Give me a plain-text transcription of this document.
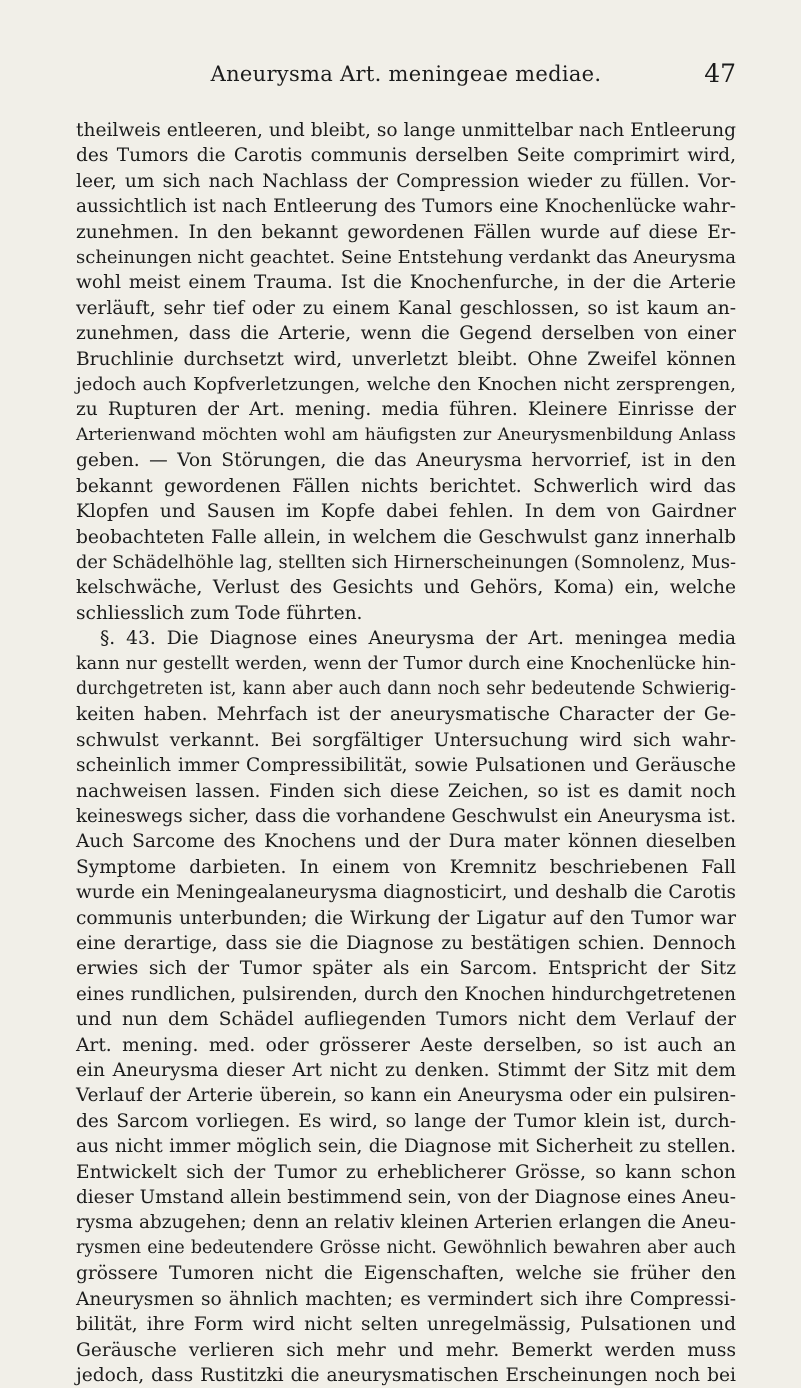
Aneurysma Art. meningeae mediae.	47
theilweis entleeren, und bleibt, so lange unmittelbar nach Entleerung
des Tumors die Carotis communis derselben Seite comprimirt wird,
leer, um sich nach Nachlass der Compression wieder zu füllen. Vor-
aussichtlich ist nach Entleerung des Tumors eine Knochenlücke wahr-
zunehmen. In den bekannt gewordenen Fällen wurde auf diese Er-
scheinungen nicht geachtet. Seine Entstehung verdankt das Aneurysma
wohl meist einem Trauma. Ist die Knochenfurche, in der die Arterie
verläuft, sehr tief oder zu einem Kanal geschlossen, so ist kaum an-
zunehmen, dass die Arterie, wenn die Gegend derselben von einer
Bruchlinie durchsetzt wird, unverletzt bleibt. Ohne Zweifel können
jedoch auch Kopfverletzungen, welche den Knochen nicht zersprengen,
zu Rupturen der Art. mening. media führen. Kleinere Einrisse der
Arterienwand möchten wohl am häufigsten zur Aneurysmenbildung Anlass
geben. — Von Störungen, die das Aneurysma hervorrief, ist in den
bekannt gewordenen Fällen nichts berichtet. Schwerlich wird das
Klopfen und Sausen im Kopfe dabei fehlen. In dem von Gairdner
beobachteten Falle allein, in welchem die Geschwulst ganz innerhalb
der Schädelhöhle lag, stellten sich Hirnerscheinungen (Somnolenz, Mus-
kelschwäche, Verlust des Gesichts und Gehörs, Koma) ein, welche
schliesslich zum Tode führten.
§. 43. Die Diagnose eines Aneurysma der Art. meningea media
kann nur gestellt werden, wenn der Tumor durch eine Knochenlücke hin-
durchgetreten ist, kann aber auch dann noch sehr bedeutende Schwierig-
keiten haben. Mehrfach ist der aneurysmatische Character der Ge-
schwulst verkannt. Bei sorgfältiger Untersuchung wird sich wahr-
scheinlich immer Compressibilität, sowie Pulsationen und Geräusche
nachweisen lassen. Finden sich diese Zeichen, so ist es damit noch
keineswegs sicher, dass die vorhandene Geschwulst ein Aneurysma ist.
Auch Sarcome des Knochens und der Dura mater können dieselben
Symptome darbieten. In einem von Kremnitz beschriebenen Fall
wurde ein Meningealaneurysma diagnosticirt, und deshalb die Carotis
communis unterbunden; die Wirkung der Ligatur auf den Tumor war
eine derartige, dass sie die Diagnose zu bestätigen schien. Dennoch
erwies sich der Tumor später als ein Sarcom. Entspricht der Sitz
eines rundlichen, pulsirenden, durch den Knochen hindurchgetretenen
und nun dem Schädel aufliegenden Tumors nicht dem Verlauf der
Art. mening. med. oder grösserer Aeste derselben, so ist auch an
ein Aneurysma dieser Art nicht zu denken. Stimmt der Sitz mit dem
Verlauf der Arterie überein, so kann ein Aneurysma oder ein pulsiren-
des Sarcom vorliegen. Es wird, so lange der Tumor klein ist, durch-
aus nicht immer möglich sein, die Diagnose mit Sicherheit zu stellen.
Entwickelt sich der Tumor zu erheblicherer Grösse, so kann schon
dieser Umstand allein bestimmend sein, von der Diagnose eines Aneu-
rysma abzugehen; denn an relativ kleinen Arterien erlangen die Aneu-
rysmen eine bedeutendere Grösse nicht. Gewöhnlich bewahren aber auch
grössere Tumoren nicht die Eigenschaften, welche sie früher den
Aneurysmen so ähnlich machten; es vermindert sich ihre Compressi-
bilität, ihre Form wird nicht selten unregelmässig, Pulsationen und
Geräusche verlieren sich mehr und mehr. Bemerkt werden muss
jedoch, dass Rustitzki die aneurysmatischen Erscheinungen noch bei
